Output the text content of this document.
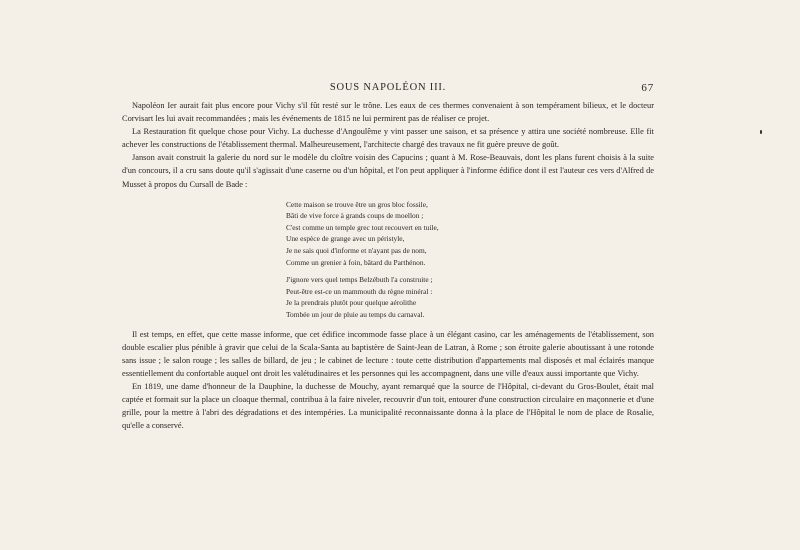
SOUS NAPOLÉON III.	67

Napoléon Ier aurait fait plus encore pour Vichy s'il fût resté sur le trône. Les eaux de ces thermes convenaient à son tempérament bilieux, et le docteur Corvisart les lui avait recommandées ; mais les événements de 1815 ne lui permirent pas de réaliser ce projet.

La Restauration fit quelque chose pour Vichy. La duchesse d'Angoulême y vint passer une saison, et sa présence y attira une société nombreuse. Elle fit achever les constructions de l'établissement thermal. Malheureusement, l'architecte chargé des travaux ne fit guère preuve de goût.

Janson avait construit la galerie du nord sur le modèle du cloître voisin des Capucins ; quant à M. Rose-Beauvais, dont les plans furent choisis à la suite d'un concours, il a cru sans doute qu'il s'agissait d'une caserne ou d'un hôpital, et l'on peut appliquer à l'informe édifice dont il est l'auteur ces vers d'Alfred de Musset à propos du Cursall de Bade :

Cette maison se trouve être un gros bloc fossile,
Bâti de vive force à grands coups de moellon ;
C'est comme un temple grec tout recouvert en tuile,
Une espèce de grange avec un péristyle,
Je ne sais quoi d'informe et n'ayant pas de nom,
Comme un grenier à foin, bâtard du Parthénon.
J'ignore vers quel temps Belzébuth l'a construite ;
Peut-être est-ce un mammouth du règne minéral :
Je la prendrais plutôt pour quelque aérolithe
Tombée un jour de pluie au temps du carnaval.

Il est temps, en effet, que cette masse informe, que cet édifice incommode fasse place à un élégant casino, car les aménagements de l'établissement, son double escalier plus pénible à gravir que celui de la Scala-Santa au baptistère de Saint-Jean de Latran, à Rome ; son étroite galerie aboutissant à une rotonde sans issue ; le salon rouge ; les salles de billard, de jeu ; le cabinet de lecture : toute cette distribution d'appartements mal disposés et mal éclairés manque essentiellement du confortable auquel ont droit les valétudinaires et les personnes qui les accompagnent, dans une ville d'eaux aussi importante que Vichy.

En 1819, une dame d'honneur de la Dauphine, la duchesse de Mouchy, ayant remarqué que la source de l'Hôpital, ci-devant du Gros-Boulet, était mal captée et formait sur la place un cloaque thermal, contribua à la faire niveler, recouvrir d'un toit, entourer d'une construction circulaire en maçonnerie et d'une grille, pour la mettre à l'abri des dégradations et des intempéries. La municipalité reconnaissante donna à la place de l'Hôpital le nom de place de Rosalie, qu'elle a conservé.
